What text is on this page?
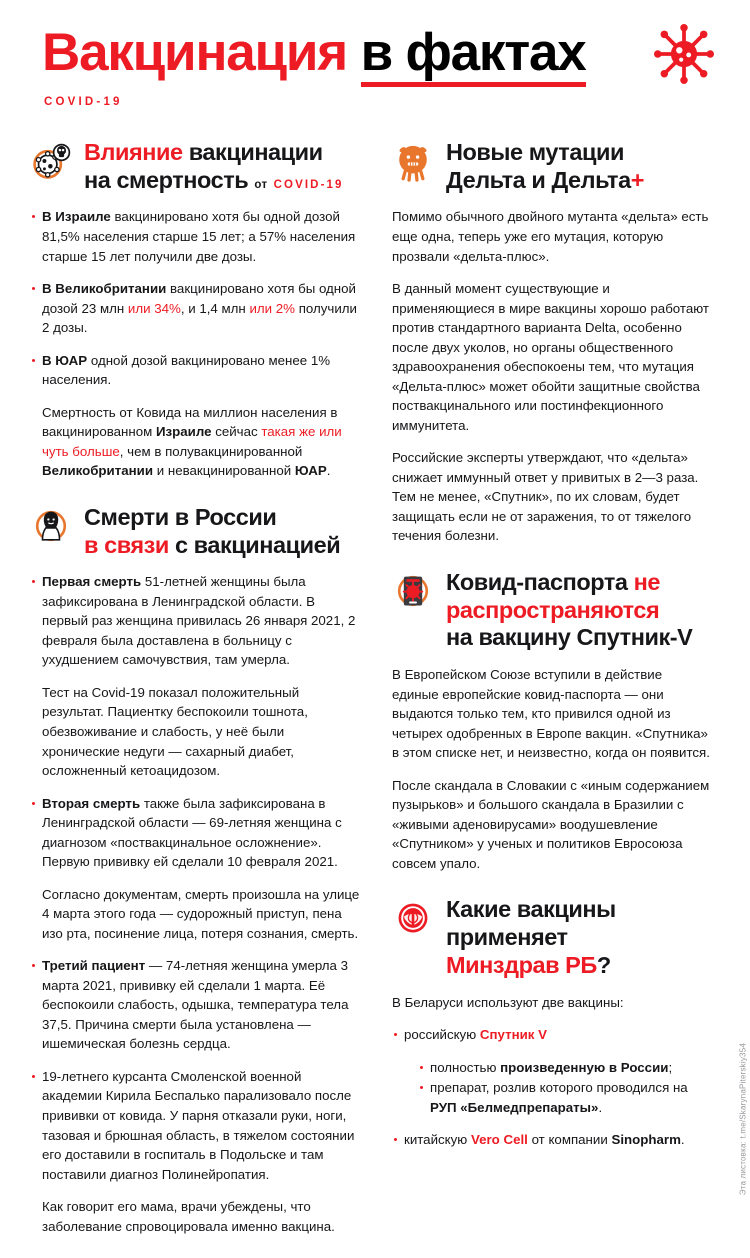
Вакцинация в фактах
COVID-19
Влияние вакцинации
на смертность от COVID-19

В Израиле вакцинировано хотя бы одной дозой 81,5% населения старше 15 лет; а 57% населения старше 15 лет получили две дозы.

В Великобритании вакцинировано хотя бы одной дозой 23 млн или 34%, и 1,4 млн или 2% получили 2 дозы.

В ЮАР одной дозой вакцинировано менее 1% населения.

Смертность от Ковида на миллион населения в вакцинированном Израиле сейчас такая же или чуть больше, чем в полувакцинированной Великобритании и невакцинированной ЮАР.

Смерти в России
в связи с вакцинацией

Первая смерть 51-летней женщины была зафиксирована в Ленинградской области. В первый раз женщина привилась 26 января 2021, 2 февраля была доставлена в больницу с ухудшением самочувствия, там умерла.

Тест на Covid-19 показал положительный результат. Пациентку беспокоили тошнота, обезвоживание и слабость, у неё были хронические недуги — сахарный диабет, осложненный кетоацидозом.

Вторая смерть также была зафиксирована в Ленинградской области — 69-летняя женщина с диагнозом «поствакцинальное осложнение». Первую прививку ей сделали 10 февраля 2021.

Согласно документам, смерть произошла на улице 4 марта этого года — судорожный приступ, пена изо рта, посинение лица, потеря сознания, смерть.

Третий пациент — 74-летняя женщина умерла 3 марта 2021, прививку ей сделали 1 марта. Её беспокоили слабость, одышка, температура тела 37,5. Причина смерти была установлена — ишемическая болезнь сердца.

19-летнего курсанта Смоленской военной академии Кирила Беспалько парализовало после прививки от ковида. У парня отказали руки, ноги, тазовая и брюшная область, в тяжелом состоянии его доставили в госпиталь в Подольске и там поставили диагноз Полинейропатия.

Как говорит его мама, врачи убеждены, что заболевание спровоцировала именно вакцина.

Новые мутации
Дельта и Дельта+

Помимо обычного двойного мутанта «дельта» есть еще одна, теперь уже его мутация, которую прозвали «дельта-плюс».

В данный момент существующие и применяющиеся в мире вакцины хорошо работают против стандартного варианта Delta, особенно после двух уколов, но органы общественного здравоохранения обеспокоены тем, что мутация «Дельта-плюс» может обойти защитные свойства поствакцинального или постинфекционного иммунитета.

Российские эксперты утверждают, что «дельта» снижает иммунный ответ у привитых в 2—3 раза. Тем не менее, «Спутник», по их словам, будет защищать если не от заражения, то от тяжелого течения болезни.

Ковид-паспорта не
распространяются
на вакцину Спутник-V

В Европейском Союзе вступили в действие единые европейские ковид-паспорта — они выдаются только тем, кто привился одной из четырех одобренных в Европе вакцин. «Спутника» в этом списке нет, и неизвестно, когда он появится.

После скандала в Словакии с «иным содержанием пузырьков» и большого скандала в Бразилии с «живыми аденовирусами» воодушевление «Спутником» у ученых и политиков Евросоюза совсем упало.

Какие вакцины
применяет
Минздрав РБ?

В Беларуси используют две вакцины:

российскую Спутник V

полностью произведенную в России;

препарат, розлив которого проводился на РУП «Белмедпрепараты».

китайскую Vero Cell от компании Sinopharm.	Эта листовка: t.me/SkarynaPiterskiy354
